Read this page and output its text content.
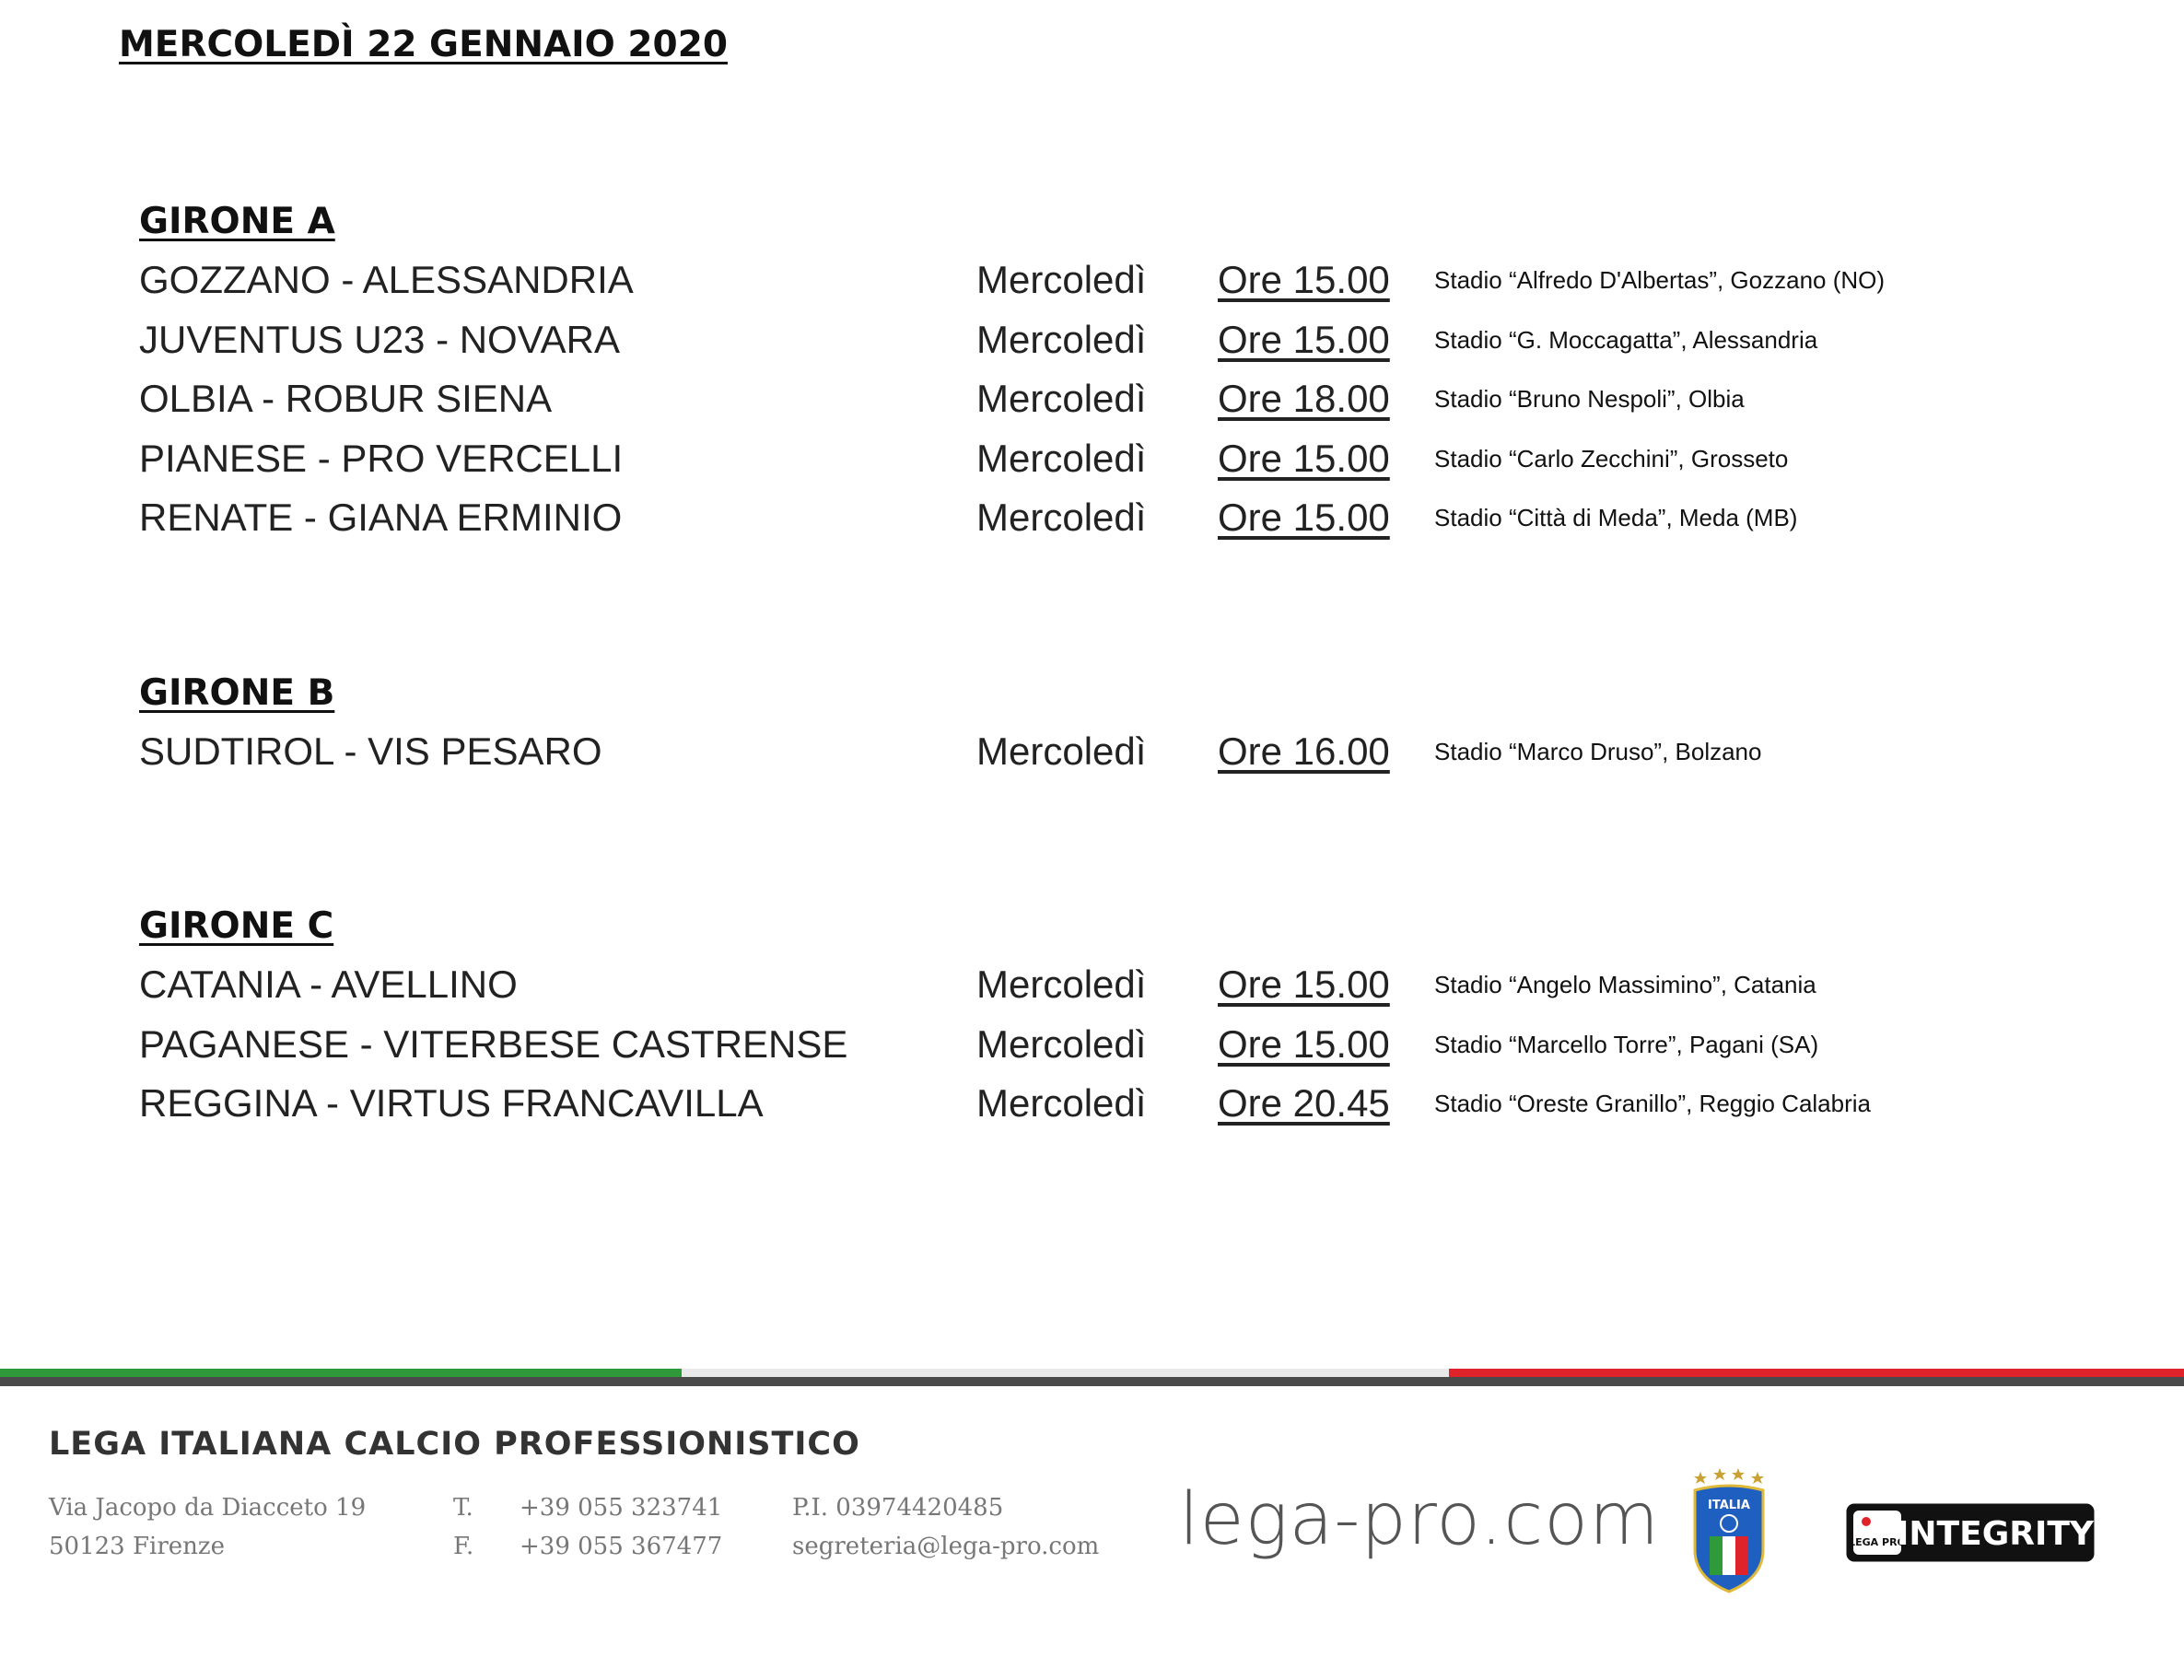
MERCOLEDÌ 22 GENNAIO 2020
GIRONE A
GOZZANO - ALESSANDRIA	Mercoledì Ore 15.00 Stadio “Alfredo D'Albertas”, Gozzano (NO)
JUVENTUS U23 - NOVARA	Mercoledì Ore 15.00 Stadio “G. Moccagatta”, Alessandria
OLBIA - ROBUR SIENA	Mercoledì Ore 18.00 Stadio “Bruno Nespoli”, Olbia
PIANESE - PRO VERCELLI	Mercoledì Ore 15.00 Stadio “Carlo Zecchini”, Grosseto
RENATE - GIANA ERMINIO	Mercoledì Ore 15.00 Stadio “Città di Meda”, Meda (MB)
GIRONE B
SUDTIROL - VIS PESARO	Mercoledì Ore 16.00 Stadio “Marco Druso”, Bolzano
GIRONE C
CATANIA - AVELLINO	Mercoledì Ore 15.00 Stadio “Angelo Massimino”, Catania
PAGANESE - VITERBESE CASTRENSE	Mercoledì Ore 15.00 Stadio “Marcello Torre”, Pagani (SA)
REGGINA - VIRTUS FRANCAVILLA	Mercoledì Ore 20.45 Stadio “Oreste Granillo”, Reggio Calabria
LEGA ITALIANA CALCIO PROFESSIONISTICO
Via Jacopo da Diacceto 19
50123 Firenze
T.
F.
+39 055 323741
+39 055 367477
P.I. 03974420485
segreteria@lega-pro.com lega-pro.com	ITALIA
LEGA PRO
INTEGRITY
